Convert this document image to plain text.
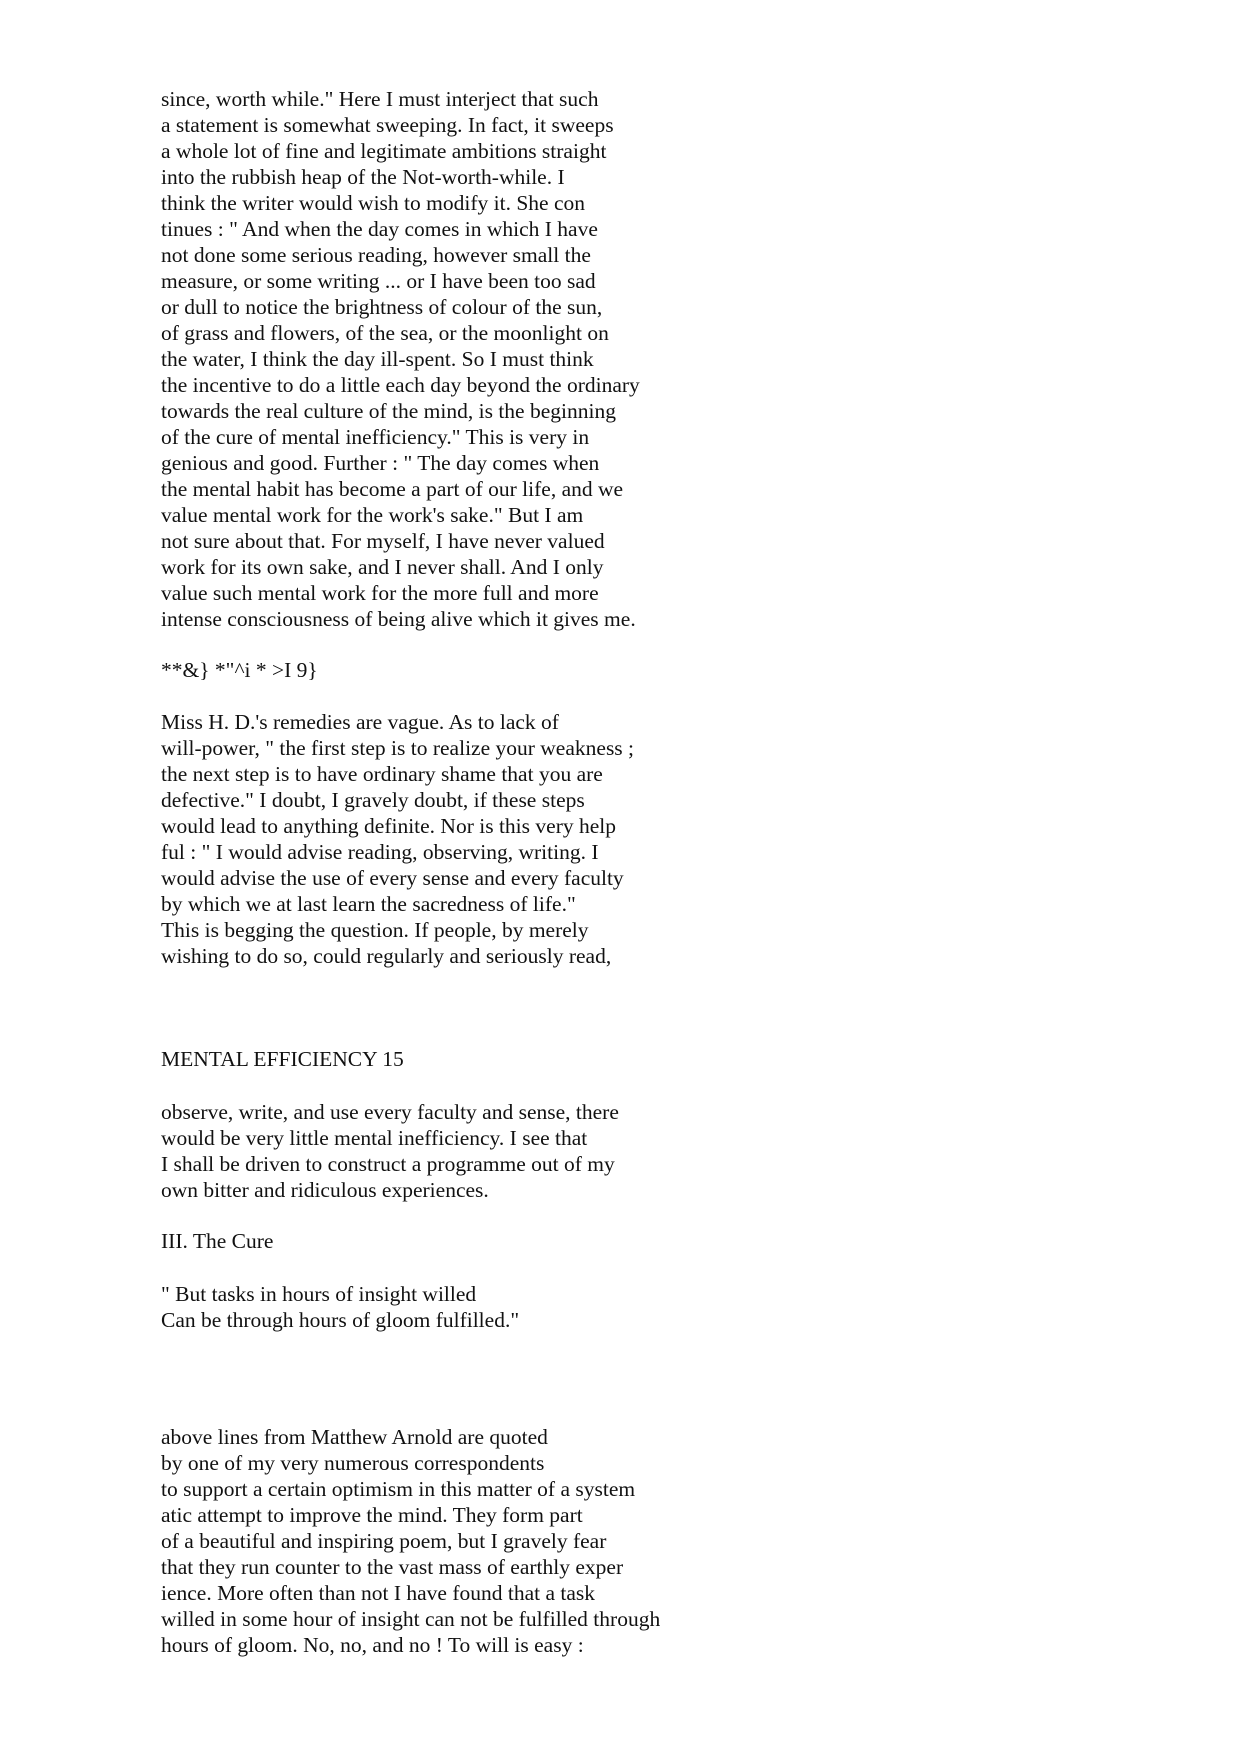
since, worth while." Here I must interject that such
a statement is somewhat sweeping. In fact, it sweeps
a whole lot of fine and legitimate ambitions straight
into the rubbish heap of the Not-worth-while. I
think the writer would wish to modify it. She con
tinues : " And when the day comes in which I have
not done some serious reading, however small the
measure, or some writing ... or I have been too sad
or dull to notice the brightness of colour of the sun,
of grass and flowers, of the sea, or the moonlight on
the water, I think the day ill-spent. So I must think
the incentive to do a little each day beyond the ordinary
towards the real culture of the mind, is the beginning
of the cure of mental inefficiency." This is very in
genious and good. Further : " The day comes when
the mental habit has become a part of our life, and we
value mental work for the work's sake." But I am
not sure about that. For myself, I have never valued
work for its own sake, and I never shall. And I only
value such mental work for the more full and more
intense consciousness of being alive which it gives me.
**&} *"^i * >I 9}
Miss H. D.'s remedies are vague. As to lack of
will-power, " the first step is to realize your weakness ;
the next step is to have ordinary shame that you are
defective." I doubt, I gravely doubt, if these steps
would lead to anything definite. Nor is this very help
ful : " I would advise reading, observing, writing. I
would advise the use of every sense and every faculty
by which we at last learn the sacredness of life."
This is begging the question. If people, by merely
wishing to do so, could regularly and seriously read,
MENTAL EFFICIENCY 15
observe, write, and use every faculty and sense, there
would be very little mental inefficiency. I see that
I shall be driven to construct a programme out of my
own bitter and ridiculous experiences.
III. The Cure
" But tasks in hours of insight willed
Can be through hours of gloom fulfilled."
above lines from Matthew Arnold are quoted
by one of my very numerous correspondents
to support a certain optimism in this matter of a system
atic attempt to improve the mind. They form part
of a beautiful and inspiring poem, but I gravely fear
that they run counter to the vast mass of earthly exper
ience. More often than not I have found that a task
willed in some hour of insight can not be fulfilled through
hours of gloom. No, no, and no ! To will is easy :
